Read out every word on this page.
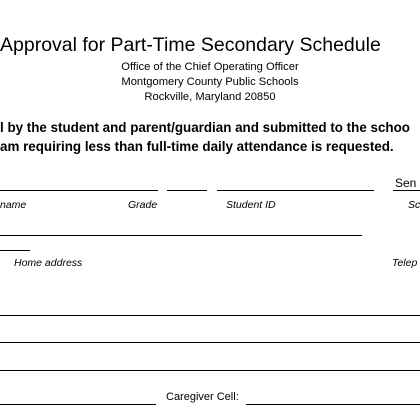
Approval for Part-Time Secondary Schedule
Office of the Chief Operating Officer
Montgomery County Public Schools
Rockville, Maryland 20850
l by the student and parent/guardian and submitted to the schoo
am requiring less than full-time daily attendance is requested.
Sen
name	Grade	Student ID	Sc
Home address	Telep
Caregiver Cell:
